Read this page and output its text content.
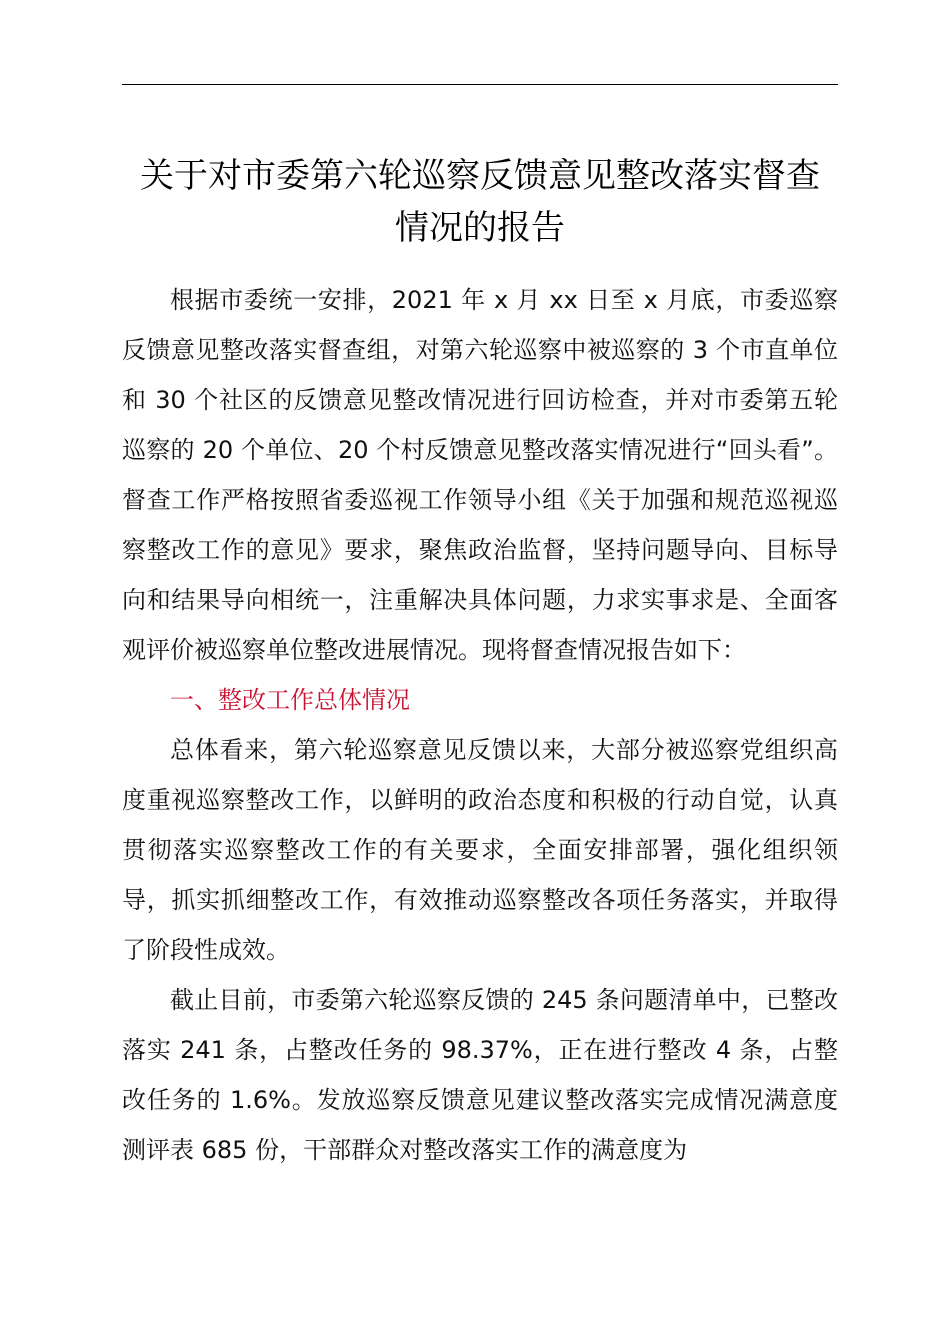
关于对市委第六轮巡察反馈意见整改落实督查
情况的报告

根据市委统一安排，2021 年 x 月 xx 日至 x 月底，市委巡察反馈意见整改落实督查组，对第六轮巡察中被巡察的 3 个市直单位和 30 个社区的反馈意见整改情况进行回访检查，并对市委第五轮巡察的 20 个单位、20 个村反馈意见整改落实情况进行“回头看”。督查工作严格按照省委巡视工作领导小组《关于加强和规范巡视巡察整改工作的意见》要求，聚焦政治监督，坚持问题导向、目标导向和结果导向相统一，注重解决具体问题，力求实事求是、全面客观评价被巡察单位整改进展情况。现将督查情况报告如下：

一、整改工作总体情况

总体看来，第六轮巡察意见反馈以来，大部分被巡察党组织高度重视巡察整改工作，以鲜明的政治态度和积极的行动自觉，认真贯彻落实巡察整改工作的有关要求，全面安排部署，强化组织领导，抓实抓细整改工作，有效推动巡察整改各项任务落实，并取得了阶段性成效。

截止目前，市委第六轮巡察反馈的 245 条问题清单中，已整改落实 241 条，占整改任务的 98.37%，正在进行整改 4 条，占整改任务的 1.6%。发放巡察反馈意见建议整改落实完成情况满意度测评表 685 份，干部群众对整改落实工作的满意度为
